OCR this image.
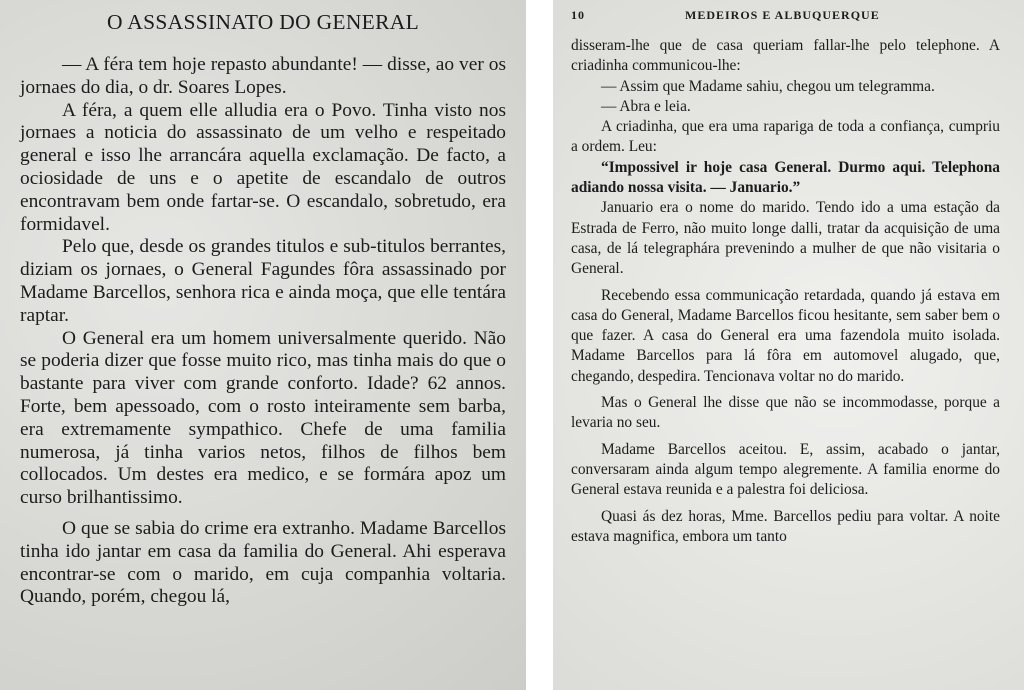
O ASSASSINATO DO GENERAL

— A féra tem hoje repasto abundante! — disse, ao ver os jornaes do dia, o dr. Soares Lopes.

A féra, a quem elle alludia era o Povo. Tinha visto nos jornaes a noticia do assassinato de um velho e respeitado general e isso lhe arrancára aquella exclamação. De facto, a ociosidade de uns e o apetite de escandalo de outros encontravam bem onde fartar-se. O escandalo, sobretudo, era formidavel.

Pelo que, desde os grandes titulos e sub-titulos berrantes, diziam os jornaes, o General Fagundes fôra assassinado por Madame Barcellos, senhora rica e ainda moça, que elle tentára raptar.

O General era um homem universalmente querido. Não se poderia dizer que fosse muito rico, mas tinha mais do que o bastante para viver com grande conforto. Idade? 62 annos. Forte, bem apessoado, com o rosto inteiramente sem barba, era extremamente sympathico. Chefe de uma familia numerosa, já tinha varios netos, filhos de filhos bem collocados. Um destes era medico, e se formára apoz um curso brilhantissimo.

O que se sabia do crime era extranho. Madame Barcellos tinha ido jantar em casa da familia do General. Ahi esperava encontrar-se com o marido, em cuja companhia voltaria. Quando, porém, chegou lá,

10	MEDEIROS E ALBUQUERQUE

disseram-lhe que de casa queriam fallar-lhe pelo telephone. A criadinha communicou-lhe:

— Assim que Madame sahiu, chegou um telegramma.

— Abra e leia.

A criadinha, que era uma rapariga de toda a confiança, cumpriu a ordem. Leu:

“Impossivel ir hoje casa General. Durmo aqui. Telephona adiando nossa visita. — Januario.”

Januario era o nome do marido. Tendo ido a uma estação da Estrada de Ferro, não muito longe dalli, tratar da acquisição de uma casa, de lá telegraphára prevenindo a mulher de que não visitaria o General.

Recebendo essa communicação retardada, quando já estava em casa do General, Madame Barcellos ficou hesitante, sem saber bem o que fazer. A casa do General era uma fazendola muito isolada. Madame Barcellos para lá fôra em automovel alugado, que, chegando, despedira. Tencionava voltar no do marido.

Mas o General lhe disse que não se incommodasse, porque a levaria no seu.

Madame Barcellos aceitou. E, assim, acabado o jantar, conversaram ainda algum tempo alegremente. A familia enorme do General estava reunida e a palestra foi deliciosa.

Quasi ás dez horas, Mme. Barcellos pediu para voltar. A noite estava magnifica, embora um tanto
